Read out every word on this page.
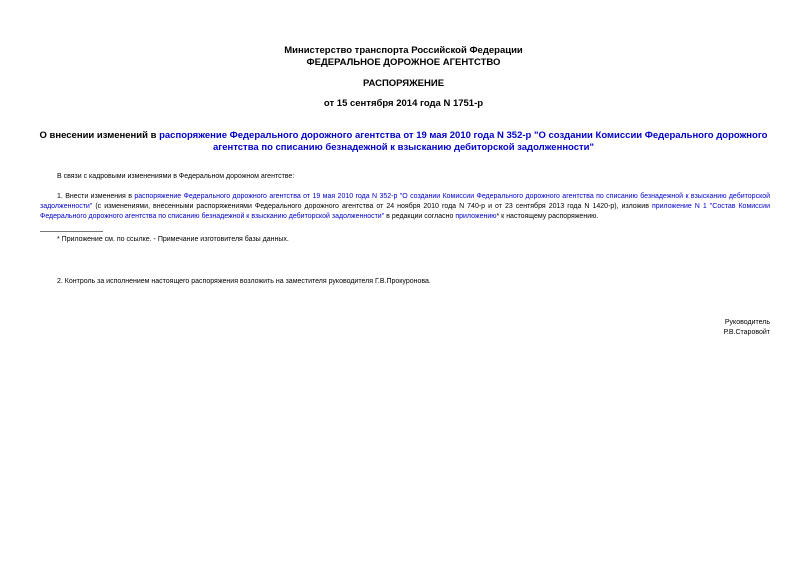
Министерство транспорта Российской Федерации
ФЕДЕРАЛЬНОЕ ДОРОЖНОЕ АГЕНТСТВО
РАСПОРЯЖЕНИЕ
от 15 сентября 2014 года N 1751-р
О внесении изменений в распоряжение Федерального дорожного агентства от 19 мая 2010 года N 352-р "О создании Комиссии Федерального дорожного агентства по списанию безнадежной к взысканию дебиторской задолженности"
В связи с кадровыми изменениями в Федеральном дорожном агентстве:
1. Внести изменения в распоряжение Федерального дорожного агентства от 19 мая 2010 года N 352-р "О создании Комиссии Федерального дорожного агентства по списанию безнадежной к взысканию дебиторской задолженности" (с изменениями, внесенными распоряжениями Федерального дорожного агентства от 24 ноября 2010 года N 740-р и от 23 сентября 2013 года N 1420-р), изложив приложение N 1 "Состав Комиссии Федерального дорожного агентства по списанию безнадежной к взысканию дебиторской задолженности" в редакции согласно приложению* к настоящему распоряжению.
* Приложение см. по ссылке. - Примечание изготовителя базы данных.
2. Контроль за исполнением настоящего распоряжения возложить на заместителя руководителя Г.В.Прокуронова.
Руководитель
Р.В.Старовойт
